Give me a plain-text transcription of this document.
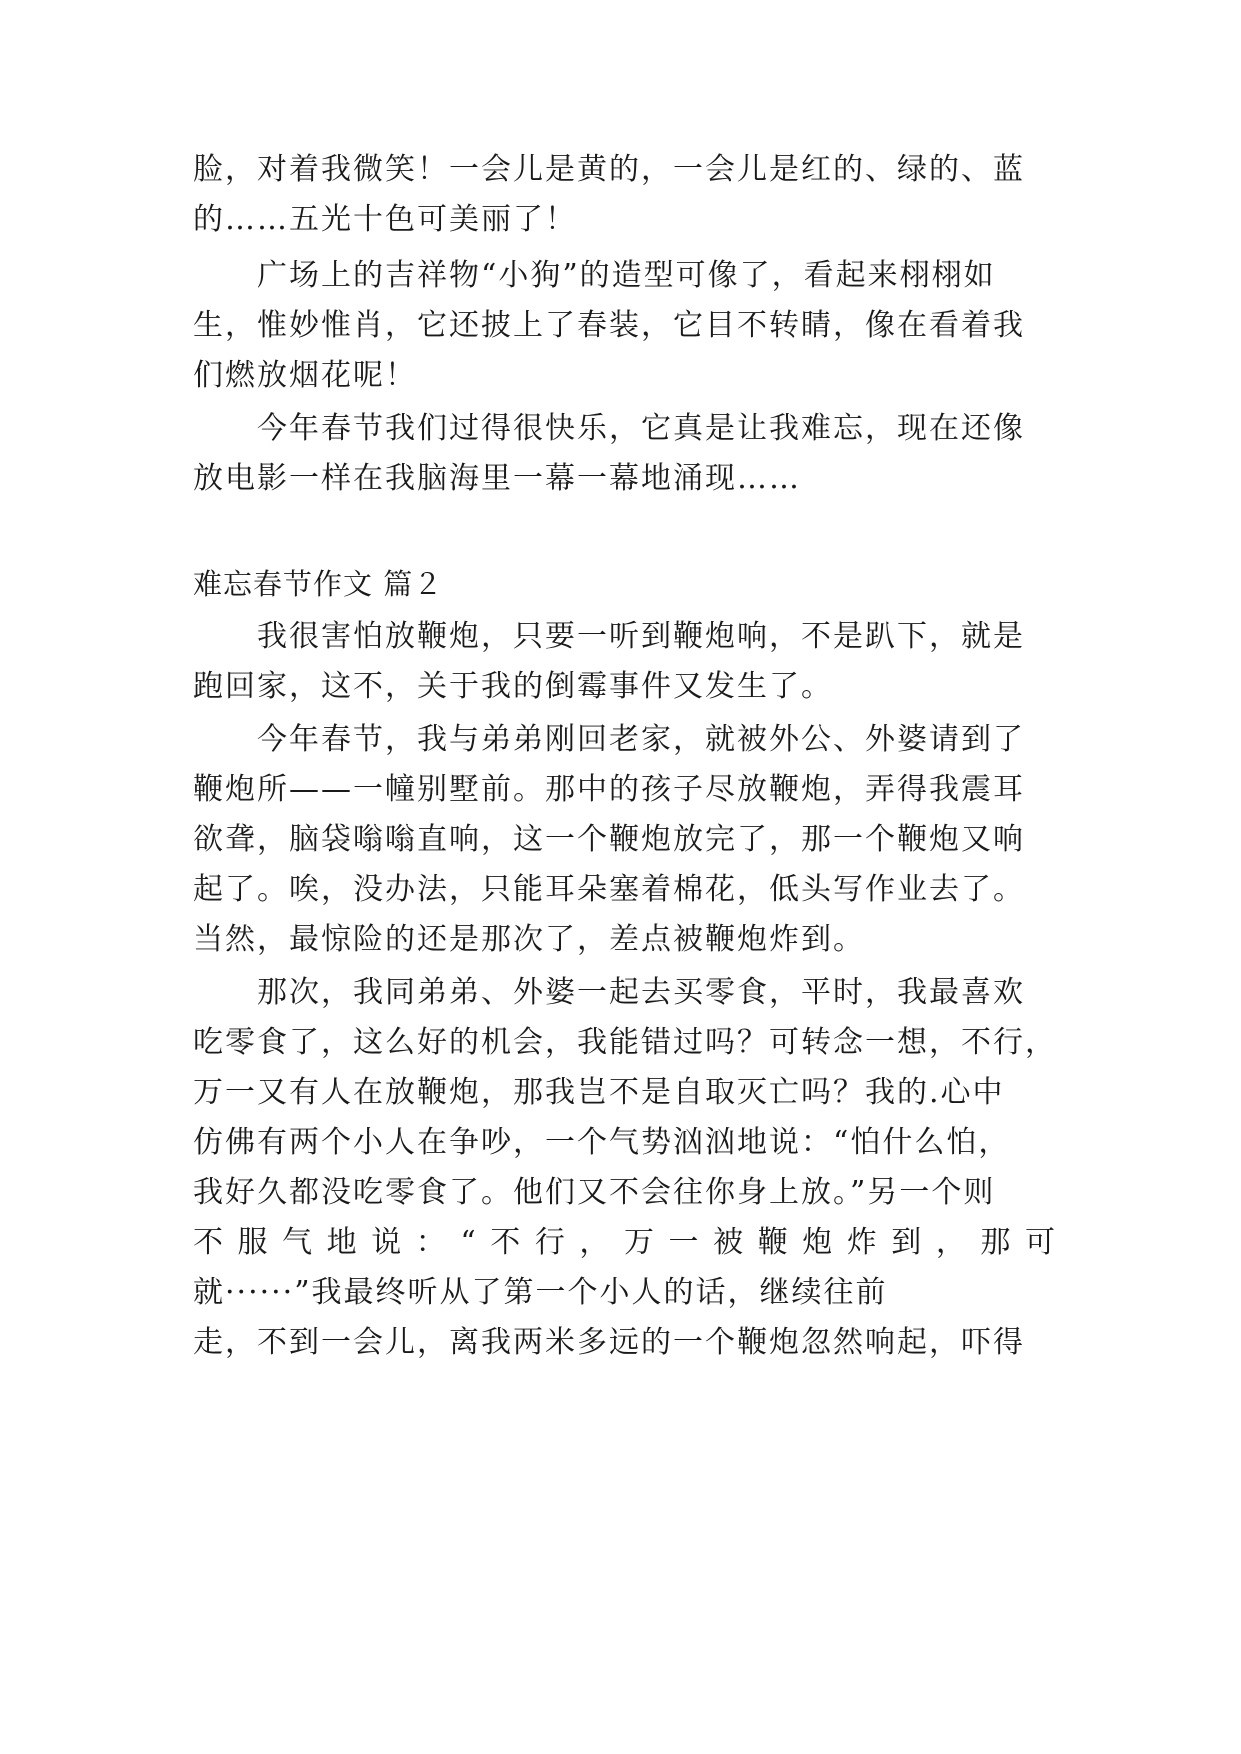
脸，对着我微笑！一会儿是黄的，一会儿是红的、绿的、蓝
的……五光十色可美丽了！
广场上的吉祥物“小狗”的造型可像了，看起来栩栩如
生，惟妙惟肖，它还披上了春装，它目不转睛，像在看着我
们燃放烟花呢！
今年春节我们过得很快乐，它真是让我难忘，现在还像
放电影一样在我脑海里一幕一幕地涌现……
难忘春节作文 篇２
我很害怕放鞭炮，只要一听到鞭炮响，不是趴下，就是
跑回家，这不，关于我的倒霉事件又发生了。
今年春节，我与弟弟刚回老家，就被外公、外婆请到了
鞭炮所——一幢别墅前。那中的孩子尽放鞭炮，弄得我震耳
欲聋，脑袋嗡嗡直响，这一个鞭炮放完了，那一个鞭炮又响
起了。唉，没办法，只能耳朵塞着棉花，低头写作业去了。
当然，最惊险的还是那次了，差点被鞭炮炸到。
那次，我同弟弟、外婆一起去买零食，平时，我最喜欢
吃零食了，这么好的机会，我能错过吗？可转念一想，不行，
万一又有人在放鞭炮，那我岂不是自取灭亡吗？我的.心中
仿佛有两个小人在争吵，一个气势汹汹地说：“怕什么怕，
我好久都没吃零食了。他们又不会往你身上放。”另一个则
不服气地说：“不行，万一被鞭炮炸到，那可
就······”我最终听从了第一个小人的话，继续往前
走，不到一会儿，离我两米多远的一个鞭炮忽然响起，吓得
